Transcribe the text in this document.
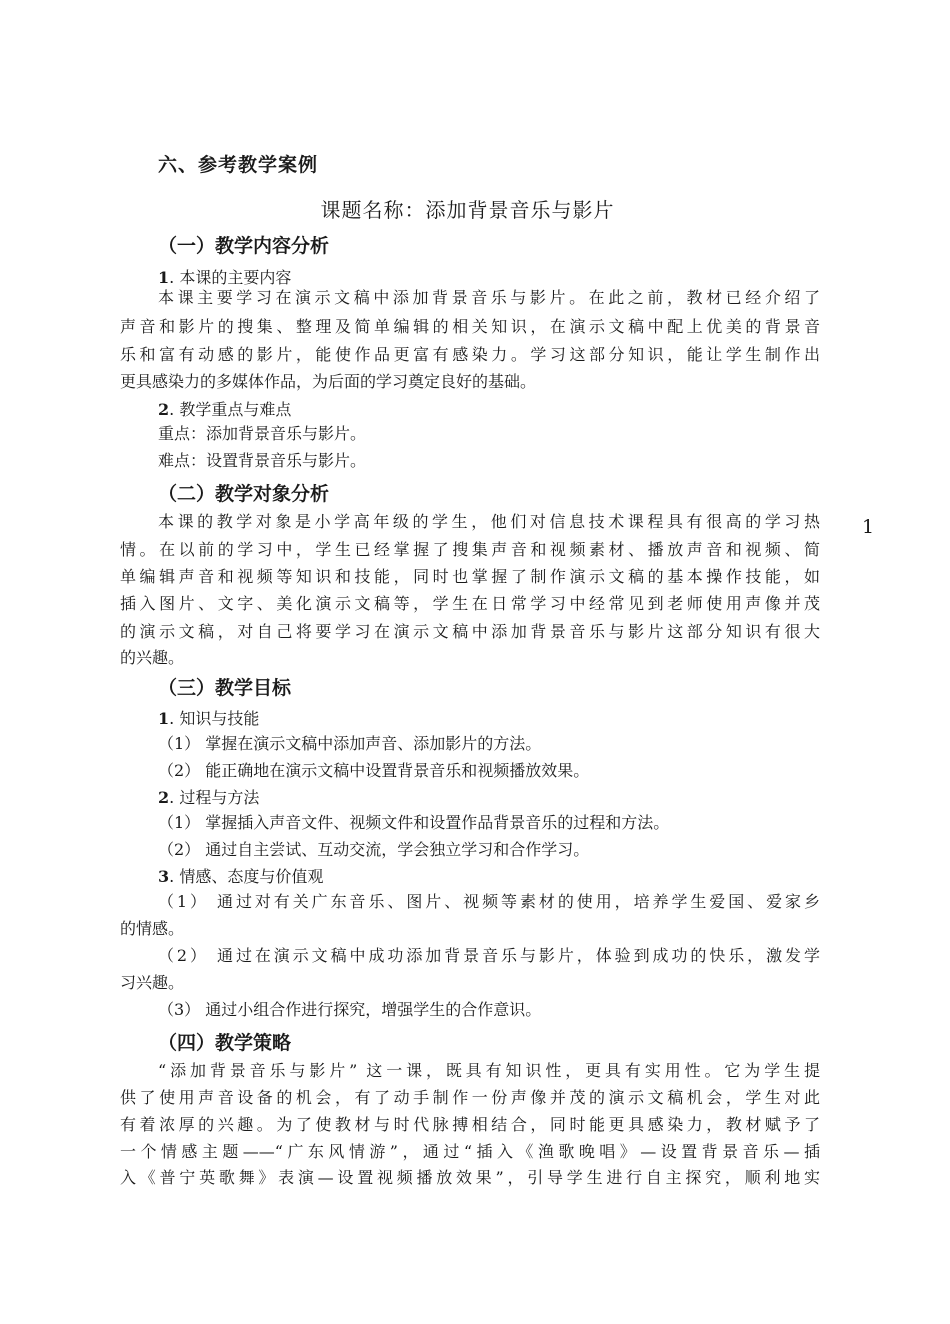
六、参考教学案例
课题名称：添加背景音乐与影片
（一）教学内容分析
1. 本课的主要内容
本课主要学习在演示文稿中添加背景音乐与影片。在此之前，教材已经介绍了
声音和影片的搜集、整理及简单编辑的相关知识，在演示文稿中配上优美的背景音
乐和富有动感的影片，能使作品更富有感染力。学习这部分知识，能让学生制作出
更具感染力的多媒体作品，为后面的学习奠定良好的基础。
2. 教学重点与难点
重点：添加背景音乐与影片。
难点：设置背景音乐与影片。
（二）教学对象分析
本课的教学对象是小学高年级的学生，他们对信息技术课程具有很高的学习热
情。在以前的学习中，学生已经掌握了搜集声音和视频素材、播放声音和视频、简
单编辑声音和视频等知识和技能，同时也掌握了制作演示文稿的基本操作技能，如
插入图片、文字、美化演示文稿等，学生在日常学习中经常见到老师使用声像并茂
的演示文稿，对自己将要学习在演示文稿中添加背景音乐与影片这部分知识有很大
的兴趣。
1
（三）教学目标
1. 知识与技能
（1） 掌握在演示文稿中添加声音、添加影片的方法。
（2） 能正确地在演示文稿中设置背景音乐和视频播放效果。
2. 过程与方法
（1） 掌握插入声音文件、视频文件和设置作品背景音乐的过程和方法。
（2） 通过自主尝试、互动交流，学会独立学习和合作学习。
3. 情感、态度与价值观
（1） 通过对有关广东音乐、图片、视频等素材的使用，培养学生爱国、爱家乡
的情感。
（2） 通过在演示文稿中成功添加背景音乐与影片，体验到成功的快乐，激发学
习兴趣。
（3） 通过小组合作进行探究，增强学生的合作意识。
（四）教学策略
“添加背景音乐与影片” 这一课，既具有知识性，更具有实用性。它为学生提
供了使用声音设备的机会，有了动手制作一份声像并茂的演示文稿机会，学生对此
有着浓厚的兴趣。为了使教材与时代脉搏相结合，同时能更具感染力，教材赋予了
一个情感主题——“广东风情游”，通过“插入《渔歌晚唱》—设置背景音乐—插
入《普宁英歌舞》表演—设置视频播放效果”，引导学生进行自主探究，顺利地实
